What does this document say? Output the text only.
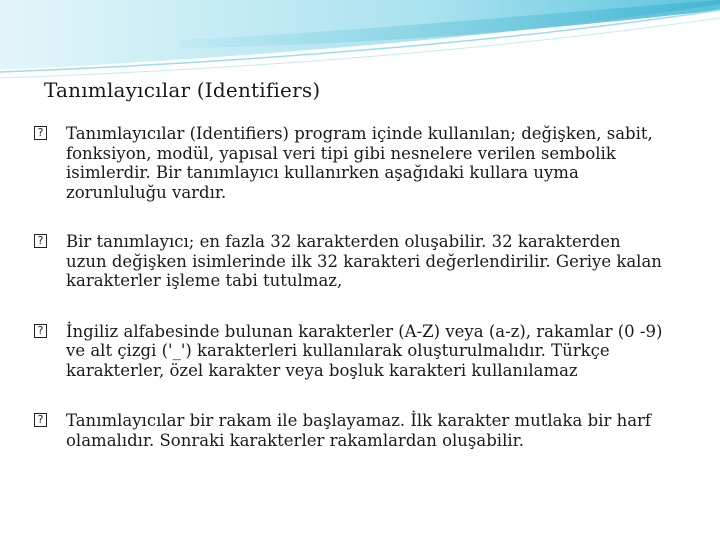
Tanımlayıcılar (Identifiers)
? Tanımlayıcılar (Identifiers) program içinde kullanılan; değişken, sabit, fonksiyon, modül, yapısal veri tipi gibi nesnelere verilen sembolik isimlerdir. Bir tanımlayıcı kullanırken aşağıdaki kullara uyma zorunluluğu vardır.
? Bir tanımlayıcı; en fazla 32 karakterden oluşabilir. 32 karakterden uzun değişken isimlerinde ilk 32 karakteri değerlendirilir. Geriye kalan karakterler işleme tabi tutulmaz,
? İngiliz alfabesinde bulunan karakterler (A-Z) veya (a-z), rakamlar (0 -9) ve alt çizgi ('_') karakterleri kullanılarak oluşturulmalıdır. Türkçe karakterler, özel karakter veya boşluk karakteri kullanılamaz
? Tanımlayıcılar bir rakam ile başlayamaz. İlk karakter mutlaka bir harf olamalıdır. Sonraki karakterler rakamlardan oluşabilir.
